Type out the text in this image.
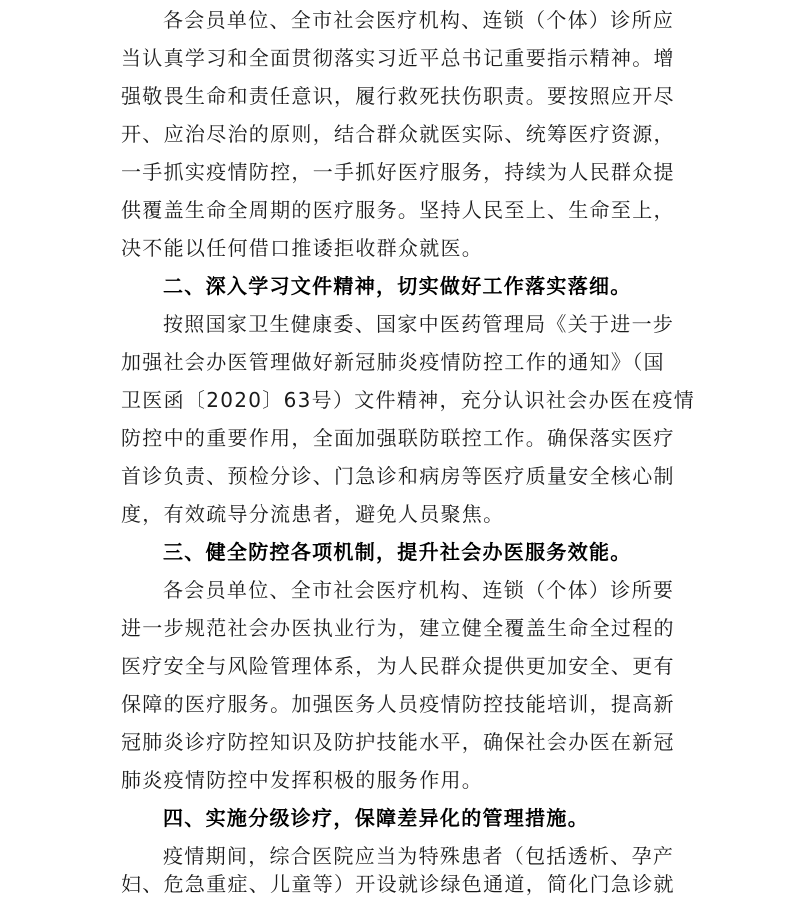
各会员单位、全市社会医疗机构、连锁（个体）诊所应
当认真学习和全面贯彻落实习近平总书记重要指示精神。增
强敬畏生命和责任意识，履行救死扶伤职责。要按照应开尽
开、应治尽治的原则，结合群众就医实际、统筹医疗资源，
一手抓实疫情防控，一手抓好医疗服务，持续为人民群众提
供覆盖生命全周期的医疗服务。坚持人民至上、生命至上，
决不能以任何借口推诿拒收群众就医。
二、深入学习文件精神，切实做好工作落实落细。
按照国家卫生健康委、国家中医药管理局《关于进一步
加强社会办医管理做好新冠肺炎疫情防控工作的通知》（国
卫医函〔2020〕63号）文件精神，充分认识社会办医在疫情
防控中的重要作用，全面加强联防联控工作。确保落实医疗
首诊负责、预检分诊、门急诊和病房等医疗质量安全核心制
度，有效疏导分流患者，避免人员聚焦。
三、健全防控各项机制，提升社会办医服务效能。
各会员单位、全市社会医疗机构、连锁（个体）诊所要
进一步规范社会办医执业行为，建立健全覆盖生命全过程的
医疗安全与风险管理体系，为人民群众提供更加安全、更有
保障的医疗服务。加强医务人员疫情防控技能培训，提高新
冠肺炎诊疗防控知识及防护技能水平，确保社会办医在新冠
肺炎疫情防控中发挥积极的服务作用。
四、实施分级诊疗，保障差异化的管理措施。
疫情期间，综合医院应当为特殊患者（包括透析、孕产
妇、危急重症、儿童等）开设就诊绿色通道，简化门急诊就
